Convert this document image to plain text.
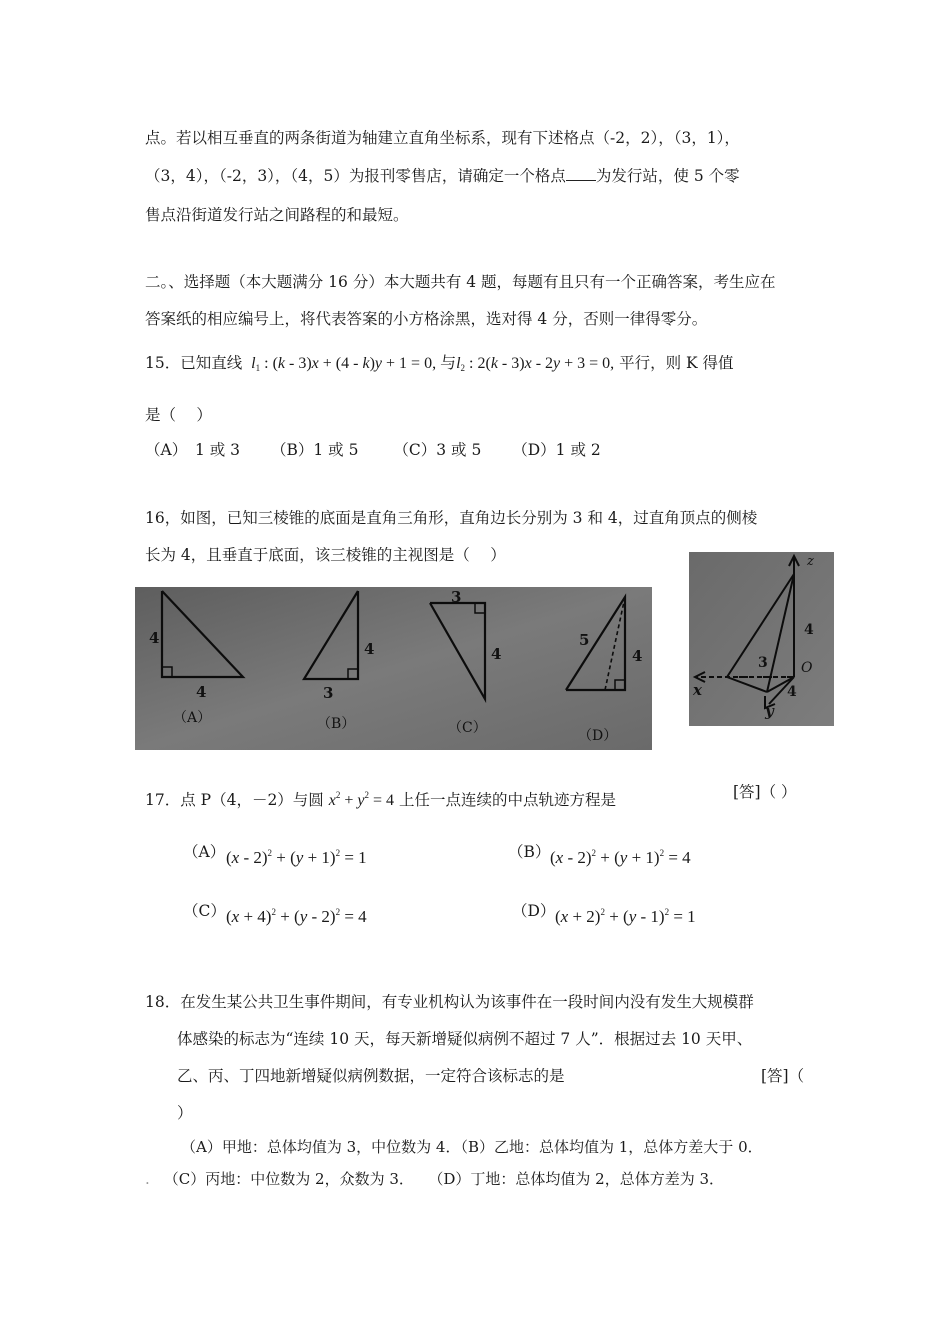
点。若以相互垂直的两条街道为轴建立直角坐标系，现有下述格点（-2，2），（3，1），
（3，4），（-2，3），（4，5）为报刊零售店，请确定一个格点 为发行站，使 5 个零
售点沿街道发行站之间路程的和最短。
二。、选择题（本大题满分 16 分）本大题共有 4 题，每题有且只有一个正确答案，考生应在
答案纸的相应编号上，将代表答案的小方格涂黑，选对得 4 分，否则一律得零分。
15．已知直线 $l_1$ : (k - 3)x + (4 - k)y + 1 = 0, 与$l_2$ : 2(k - 3)x - 2y + 3 = 0, 平行，则 K 得值
是（　 ）
（A）　1 或 3 （B）1 或 5 （C）3 或 5 （D）1 或 2
16，如图，已知三棱锥的底面是直角三角形，直角边长分别为 3 和 4，过直角顶点的侧棱
长为 4，且垂直于底面，该三棱锥的主视图是（　 ）
4
4
4
3
3
4
5
4
（A）	（B）	（C）	（D）
z
4
3 O
4
x
y
17．点 P（4，－2）与圆 $x^2 + y^2 = 4$ 上任一点连续的中点轨迹方程是	[答]（ ）
（A） $(x - 2)^2 + (y + 1)^2 = 1$	（B） $(x - 2)^2 + (y + 1)^2 = 4$
（C） $(x + 4)^2 + (y - 2)^2 = 4$	（D） $(x + 2)^2 + (y - 1)^2 = 1$
18．在发生某公共卫生事件期间，有专业机构认为该事件在一段时间内没有发生大规模群
体感染的标志为“连续 10 天，每天新增疑似病例不超过 7 人”．根据过去 10 天甲、
乙、丙、丁四地新增疑似病例数据，一定符合该标志的是	[答]（
）
（A）甲地：总体均值为 3，中位数为 4．（B）乙地：总体均值为 1，总体方差大于 0．
. （C）丙地：中位数为 2，众数为 3． （D）丁地：总体均值为 2，总体方差为 3．
